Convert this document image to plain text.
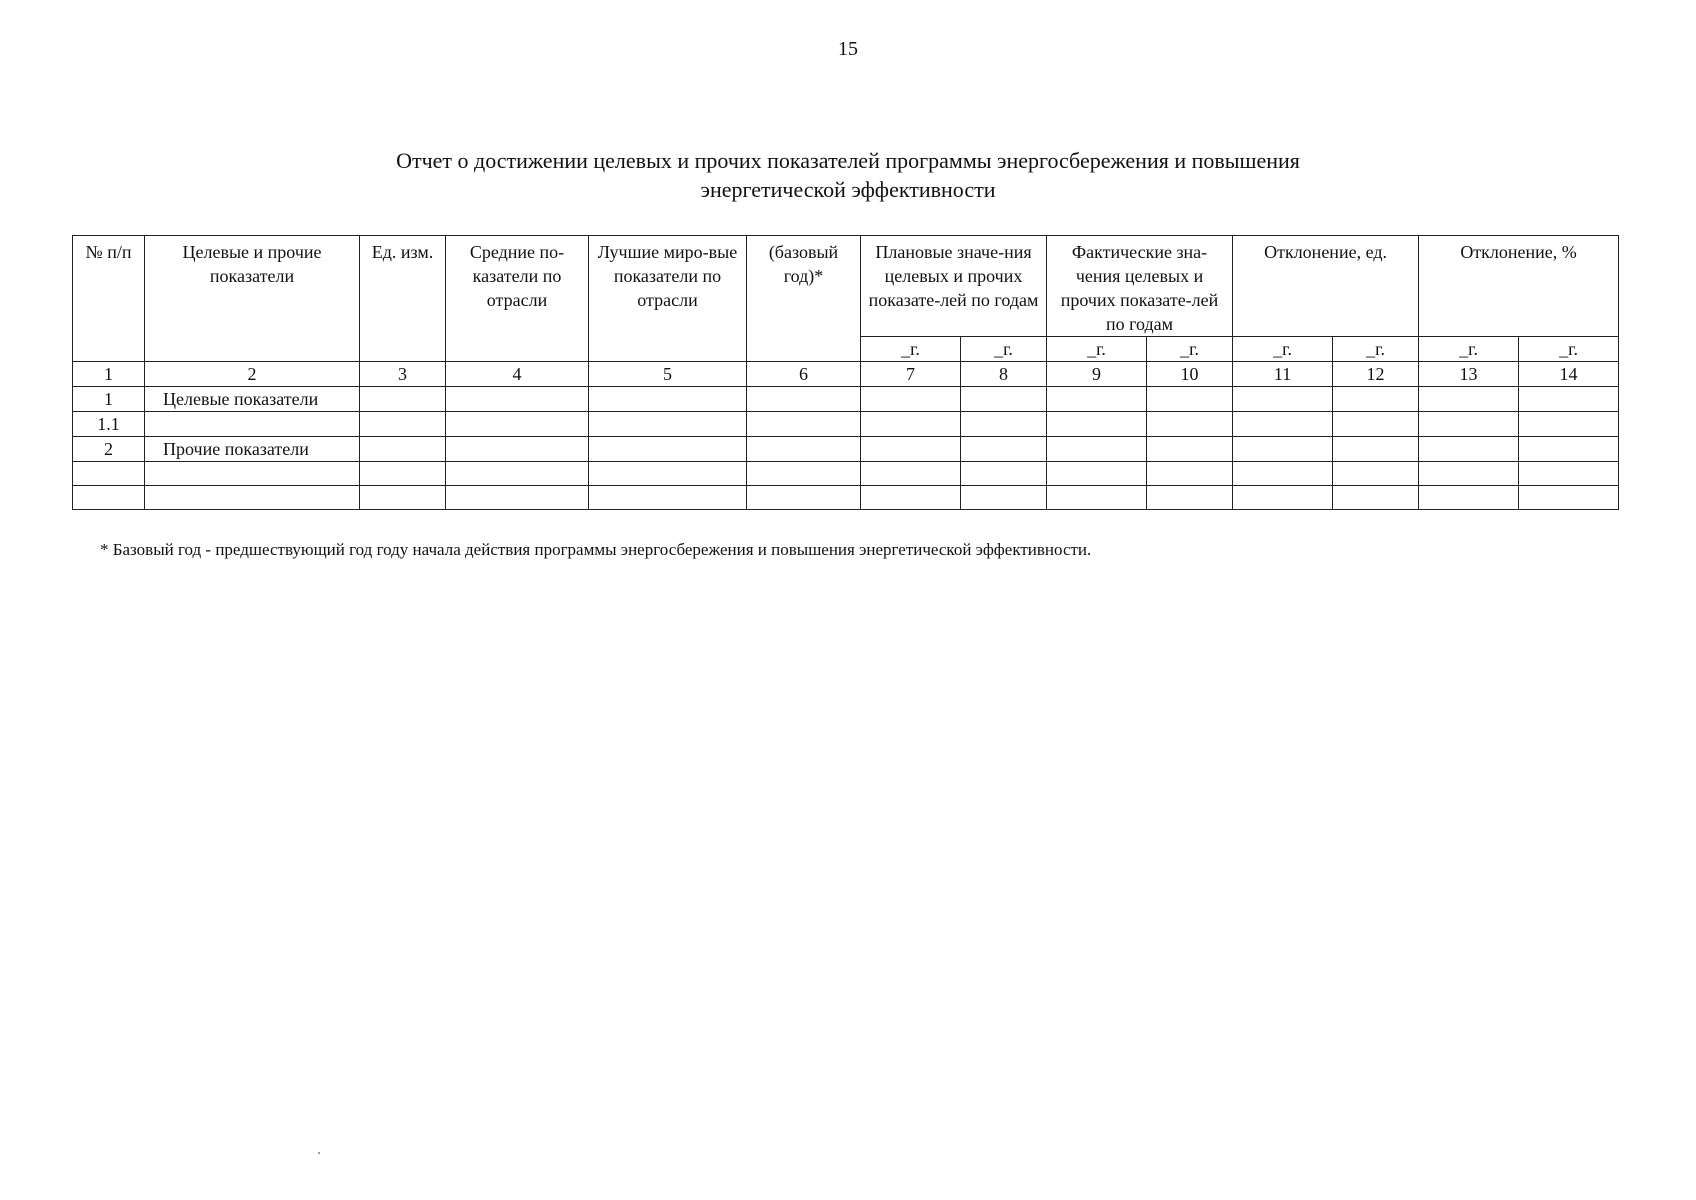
15
Отчет о достижении целевых и прочих показателей программы энергосбережения и повышения
энергетической эффективности
№ п/п	Целевые и прочие показатели	Ед. изм.	Средние по-казатели по отрасли	Лучшие миро-вые показатели по отрасли	(базовый год)*	Плановые значе-ния целевых и прочих показате-лей по годам		Фактические зна-чения целевых и прочих показате-лей по годам		Отклонение, ед.		Отклонение, %	
						_г.	_г.	_г.	_г.	_г.	_г.	_г.	_г.
1	2	3	4	5	6	7	8	9	10	11	12	13	14
1	Целевые показатели												
1.1													
2	Прочие показатели												

* Базовый год - предшествующий год году начала действия программы энергосбережения и повышения энергетической эффективности.
